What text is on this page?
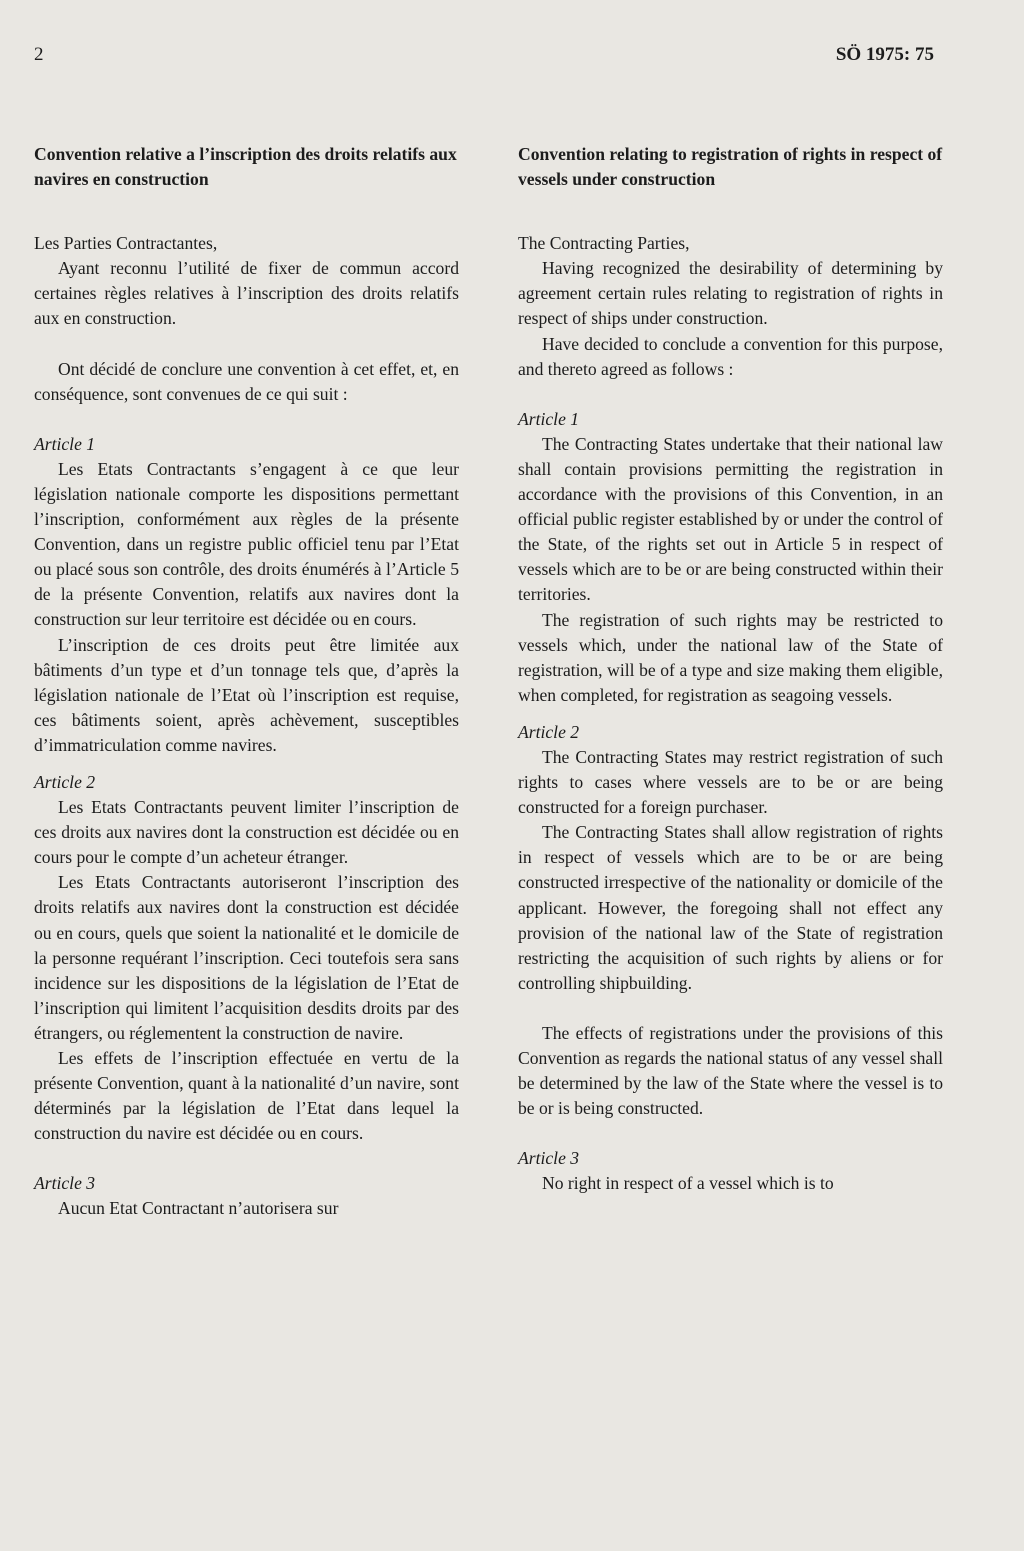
2	SÖ 1975: 75

Convention relative a l’inscription des droits relatifs aux navires en construction

Les Parties Contractantes,

Ayant reconnu l’utilité de fixer de commun accord certaines règles relatives à l’inscription des droits relatifs aux en construction.

Ont décidé de conclure une convention à cet effet, et, en conséquence, sont convenues de ce qui suit :

Article 1

Les Etats Contractants s’engagent à ce que leur législation nationale comporte les dispositions permettant l’inscription, conformément aux règles de la présente Convention, dans un registre public officiel tenu par l’Etat ou placé sous son contrôle, des droits énumérés à l’Article 5 de la présente Convention, relatifs aux navires dont la construction sur leur territoire est décidée ou en cours.

L’inscription de ces droits peut être limitée aux bâtiments d’un type et d’un tonnage tels que, d’après la législation nationale de l’Etat où l’inscription est requise, ces bâtiments soient, après achèvement, susceptibles d’immatriculation comme navires.

Article 2

Les Etats Contractants peuvent limiter l’inscription de ces droits aux navires dont la construction est décidée ou en cours pour le compte d’un acheteur étranger.

Les Etats Contractants autoriseront l’inscription des droits relatifs aux navires dont la construction est décidée ou en cours, quels que soient la nationalité et le domicile de la personne requérant l’inscription. Ceci toutefois sera sans incidence sur les dispositions de la législation de l’Etat de l’inscription qui limitent l’acquisition desdits droits par des étrangers, ou réglementent la construction de navire.

Les effets de l’inscription effectuée en vertu de la présente Convention, quant à la nationalité d’un navire, sont déterminés par la législation de l’Etat dans lequel la construction du navire est décidée ou en cours.

Article 3

Aucun Etat Contractant n’autorisera sur

Convention relating to registration of rights in respect of vessels under construction

The Contracting Parties,

Having recognized the desirability of determining by agreement certain rules relating to registration of rights in respect of ships under construction.

Have decided to conclude a convention for this purpose, and thereto agreed as follows :

Article 1

The Contracting States undertake that their national law shall contain provisions permitting the registration in accordance with the provisions of this Convention, in an official public register established by or under the control of the State, of the rights set out in Article 5 in respect of vessels which are to be or are being constructed within their territories.

The registration of such rights may be restricted to vessels which, under the national law of the State of registration, will be of a type and size making them eligible, when completed, for registration as seagoing vessels.

Article 2

The Contracting States may restrict registration of such rights to cases where vessels are to be or are being constructed for a foreign purchaser.

The Contracting States shall allow registration of rights in respect of vessels which are to be or are being constructed irrespective of the nationality or domicile of the applicant. However, the foregoing shall not effect any provision of the national law of the State of registration restricting the acquisition of such rights by aliens or for controlling shipbuilding.

The effects of registrations under the provisions of this Convention as regards the national status of any vessel shall be determined by the law of the State where the vessel is to be or is being constructed.

Article 3

No right in respect of a vessel which is to
